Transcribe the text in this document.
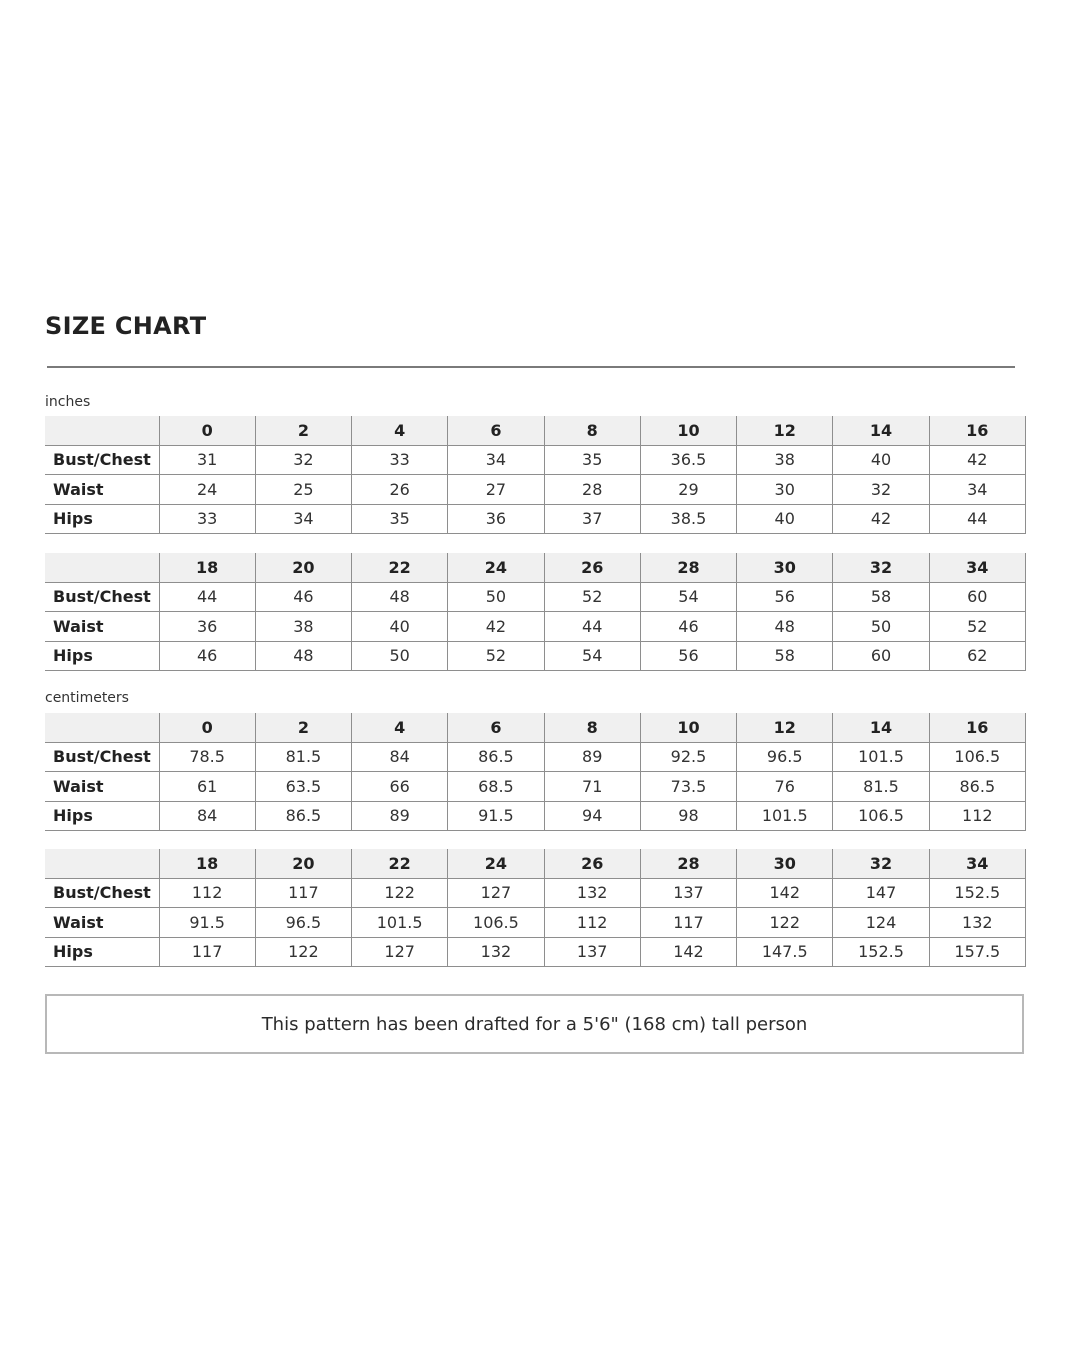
SIZE CHART
inches
	0	2	4	6	8	10	12	14	16
Bust/Chest	31	32	33	34	35	36.5	38	40	42
Waist	24	25	26	27	28	29	30	32	34
Hips	33	34	35	36	37	38.5	40	42	44
	18	20	22	24	26	28	30	32	34
Bust/Chest	44	46	48	50	52	54	56	58	60
Waist	36	38	40	42	44	46	48	50	52
Hips	46	48	50	52	54	56	58	60	62
centimeters
	0	2	4	6	8	10	12	14	16
Bust/Chest	78.5	81.5	84	86.5	89	92.5	96.5	101.5	106.5
Waist	61	63.5	66	68.5	71	73.5	76	81.5	86.5
Hips	84	86.5	89	91.5	94	98	101.5	106.5	112
	18	20	22	24	26	28	30	32	34
Bust/Chest	112	117	122	127	132	137	142	147	152.5
Waist	91.5	96.5	101.5	106.5	112	117	122	124	132
Hips	117	122	127	132	137	142	147.5	152.5	157.5
This pattern has been drafted for a 5'6" (168 cm) tall person
